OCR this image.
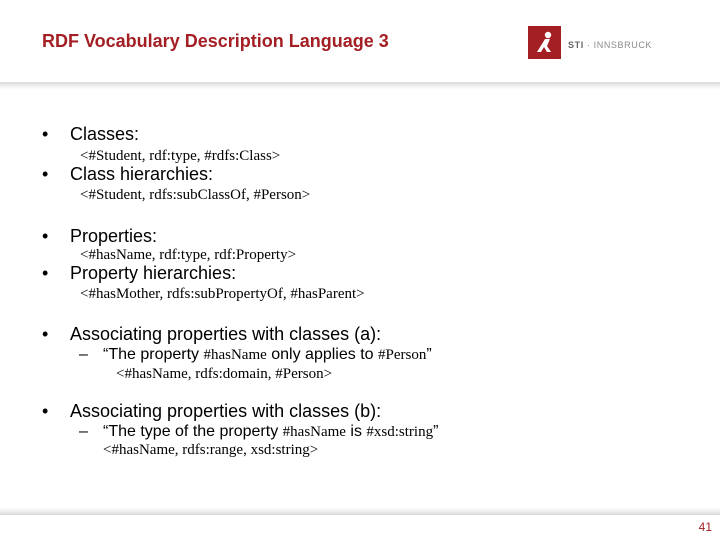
RDF Vocabulary Description Language 3	STI · INNSBRUCK
• Classes:
<#Student, rdf:type, #rdfs:Class>
• Class hierarchies:
<#Student, rdfs:subClassOf, #Person>
• Properties:
<#hasName, rdf:type, rdf:Property>
• Property hierarchies:
<#hasMother, rdfs:subPropertyOf, #hasParent>
• Associating properties with classes (a):
– “The property #hasName only applies to #Person”
<#hasName, rdfs:domain, #Person>
• Associating properties with classes (b):
– “The type of the property #hasName is #xsd:string”
<#hasName, rdfs:range, xsd:string>
41
